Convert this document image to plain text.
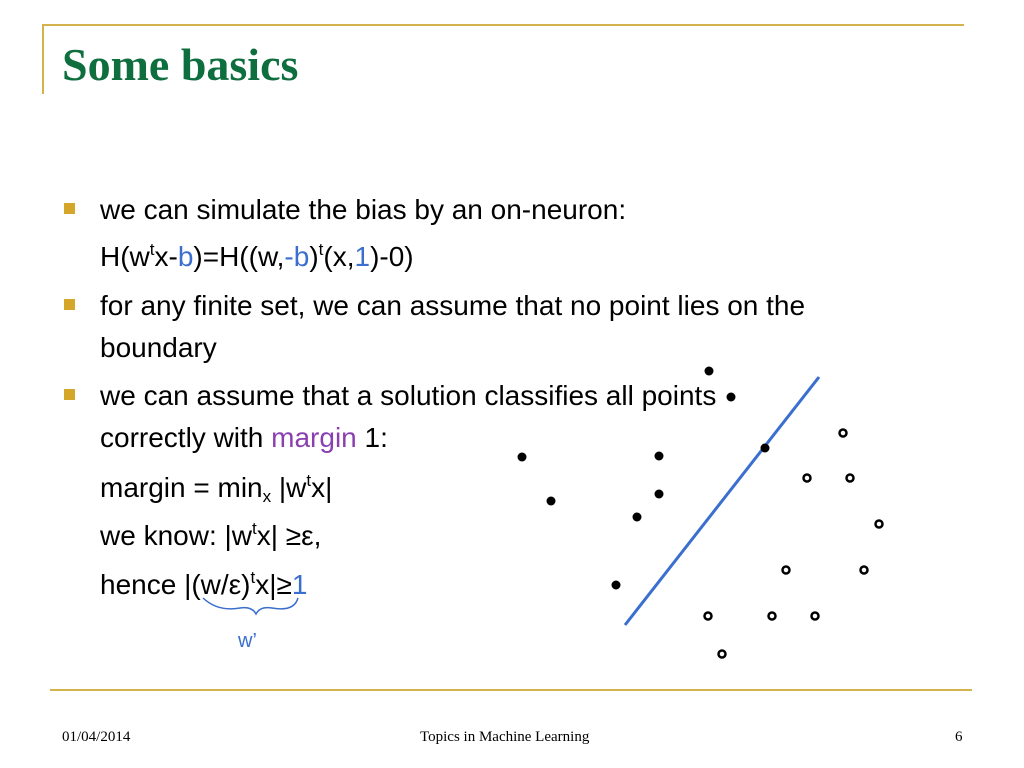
Some basics
we can simulate the bias by an on-neuron:
$H(w^tx-b)=H((w,-b)^t(x,1)-0)$
for any finite set, we can assume that no point lies on the
boundary
we can assume that a solution classifies all points
correctly with margin 1:
margin = $\min_x |w^tx|$
we know: $|w^tx| \ge\varepsilon$,
hence $|(w/\varepsilon)^tx|\ge 1$
w’
01/04/2014	Topics in Machine Learning	6
